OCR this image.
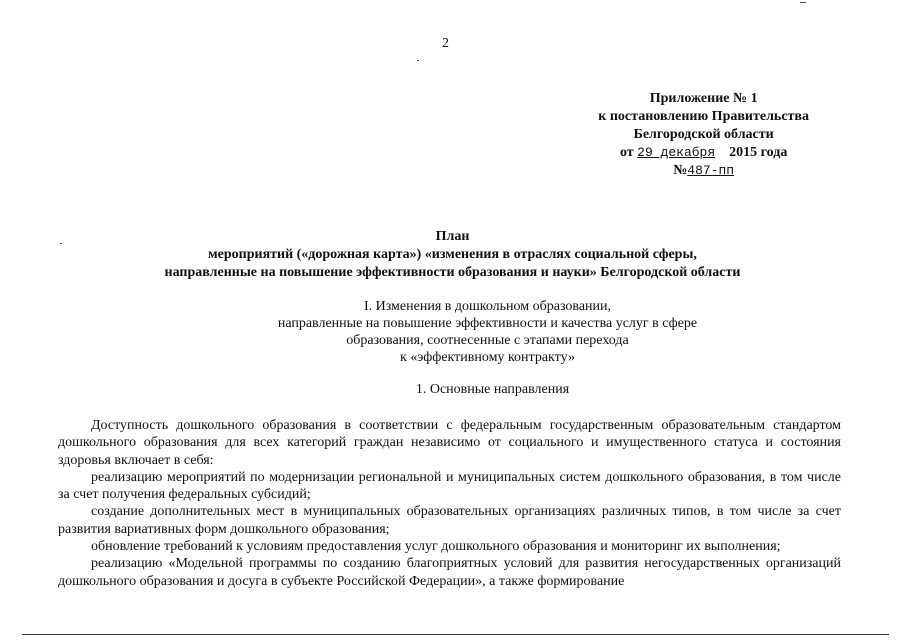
2
Приложение № 1
к постановлению Правительства
Белгородской области
от 29 декабря 2015 года
№487-пп
План
мероприятий («дорожная карта») «изменения в отраслях социальной сферы,
направленные на повышение эффективности образования и науки» Белгородской области
I. Изменения в дошкольном образовании,
направленные на повышение эффективности и качества услуг в сфере
образования, соотнесенные с этапами перехода
к «эффективному контракту»
1. Основные направления

Доступность дошкольного образования в соответствии с федеральным государственным образовательным стандартом дошкольного образования для всех категорий граждан независимо от социального и имущественного статуса и состояния здоровья включает в себя:

реализацию мероприятий по модернизации региональной и муниципальных систем дошкольного образования, в том числе за счет получения федеральных субсидий;

создание дополнительных мест в муниципальных образовательных организациях различных типов, в том числе за счет развития вариативных форм дошкольного образования;

обновление требований к условиям предоставления услуг дошкольного образования и мониторинг их выполнения;

реализацию «Модельной программы по созданию благоприятных условий для развития негосударственных организаций дошкольного образования и досуга в субъекте Российской Федерации», а также формирование
